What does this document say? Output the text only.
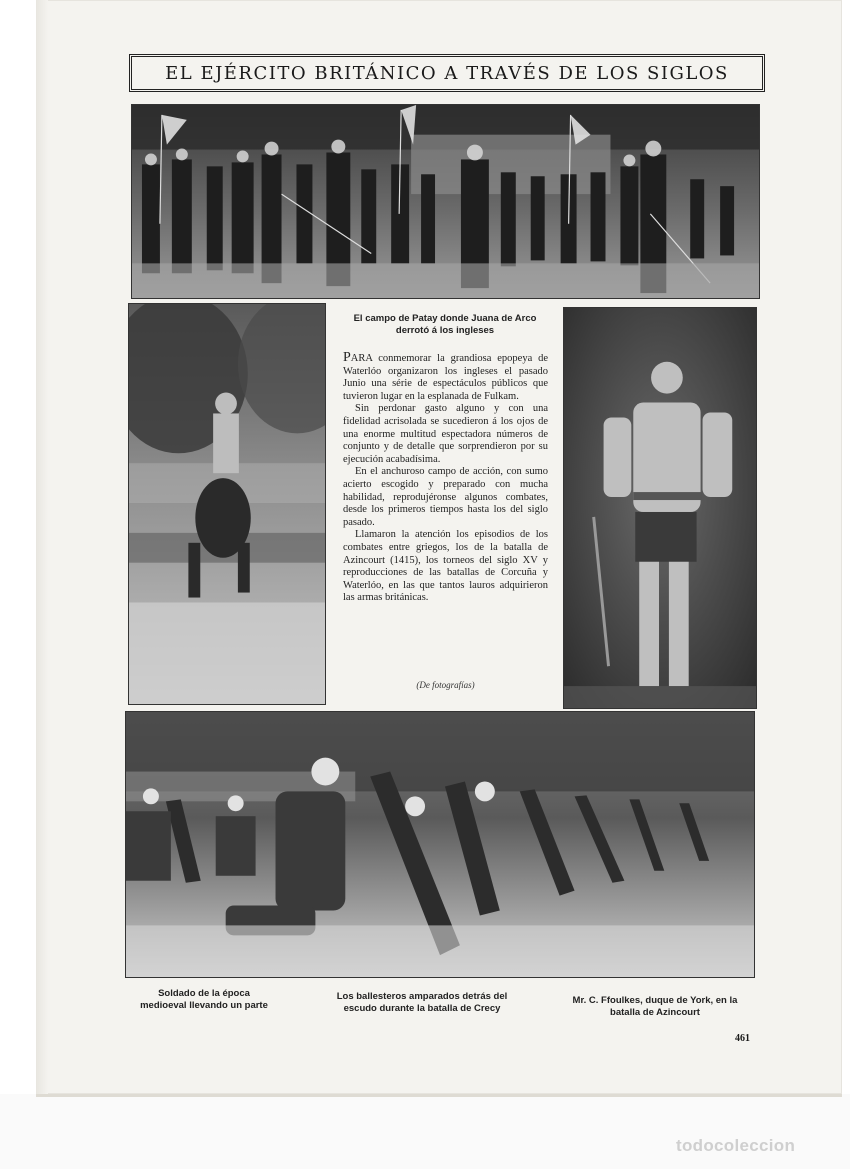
EL EJÉRCITO BRITÁNICO A TRAVÉS DE LOS SIGLOS
El campo de Patay donde Juana de Arco derrotó á los ingleses

PARA conmemorar la grandiosa epopeya de Waterlóo organizaron los ingleses el pasado Junio una série de espectáculos públicos que tuvieron lugar en la esplanada de Fulkam.

Sin perdonar gasto alguno y con una fidelidad acrisolada se sucedieron á los ojos de una enorme multitud espectadora números de conjunto y de detalle que sorprendieron por su ejecución acabadísima.

En el anchuroso campo de acción, con sumo acierto escogido y preparado con mucha habilidad, reprodujéronse algunos combates, desde los primeros tiempos hasta los del siglo pasado.

Llamaron la atención los episodios de los combates entre griegos, los de la batalla de Azincourt (1415), los torneos del siglo XV y reproducciones de las batallas de Corcuña y Waterlóo, en las que tantos lauros adquirieron las armas británicas.

(De fotografías)
Soldado de la época medioeval llevando un parte
Los ballesteros amparados detrás del escudo durante la batalla de Crecy
Mr. C. Ffoulkes, duque de York, en la batalla de Azincourt
461
todocoleccion
